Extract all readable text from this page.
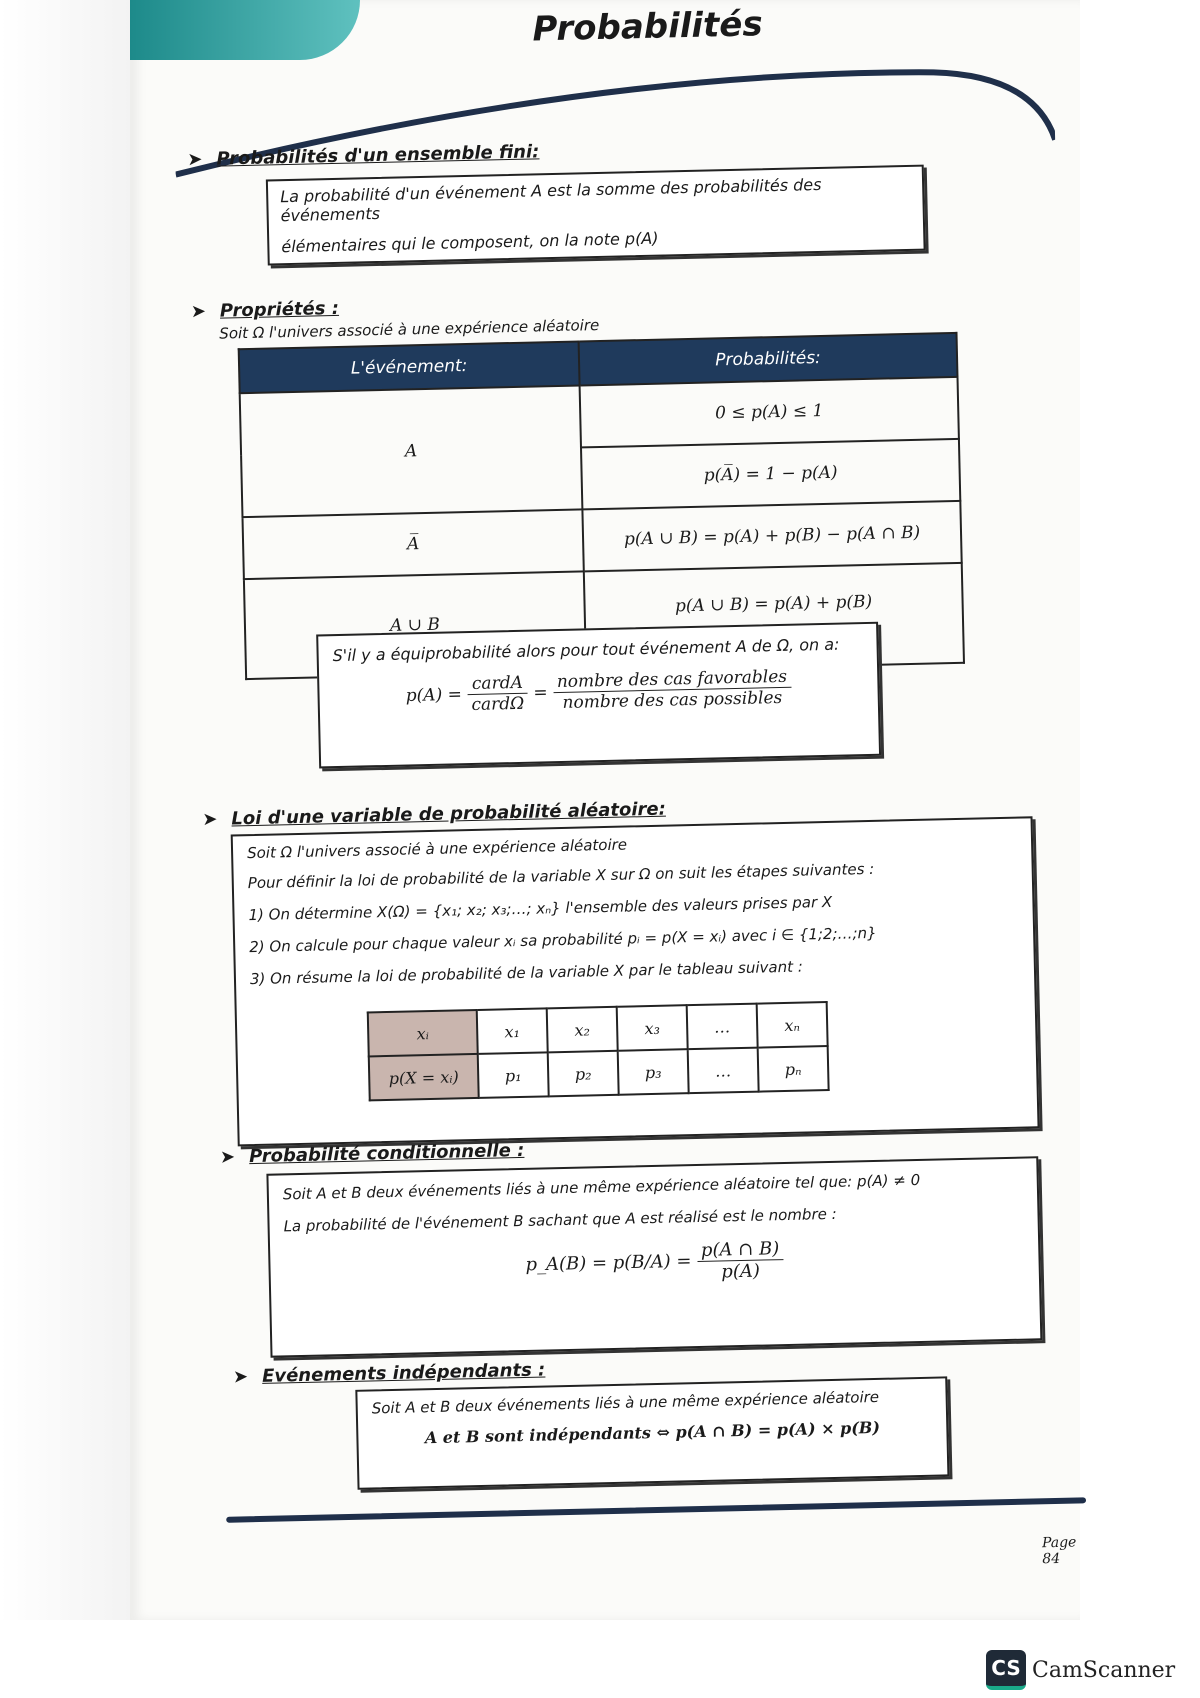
Probabilités
➤ Probabilités d'un ensemble fini:

La probabilité d'un événement A est la somme des probabilités des événements

élémentaires qui le composent, on la note p(A)

➤ Propriétés :
Soit Ω l'univers associé à une expérience aléatoire
L'événement:	Probabilités:
A	0 ≤ p(A) ≤ 1
	p(A̅) = 1 − p(A)
A̅	p(A ∪ B) = p(A) + p(B) − p(A ∩ B)
A ∪ B	p(A ∪ B) = p(A) + p(B)

S'il y a équiprobabilité alors pour tout événement A de Ω, on a:

$p(A) = \frac{\text{cardA}}{\text{cardΩ}} = \frac{\text{nombre des cas favorables}}{\text{nombre des cas possibles}}$
➤ Loi d'une variable de probabilité aléatoire:

Soit Ω l'univers associé à une expérience aléatoire

Pour définir la loi de probabilité de la variable X sur Ω on suit les étapes suivantes :

1) On détermine X(Ω) = {x₁; x₂; x₃;…; xₙ} l'ensemble des valeurs prises par X

2) On calcule pour chaque valeur xᵢ sa probabilité pᵢ = p(X = xᵢ) avec i ∈ {1;2;…;n}

3) On résume la loi de probabilité de la variable X par le tableau suivant :

xᵢ	x₁	x₂	x₃	…	xₙ
p(X = xᵢ)	p₁	p₂	p₃	…	pₙ
➤ Probabilité conditionnelle :

Soit A et B deux événements liés à une même expérience aléatoire tel que: p(A) ≠ 0

La probabilité de l'événement B sachant que A est réalisé est le nombre :

p_A(B) = $p(B/A) = \frac{p(A \cap B)}{p(A)}$
➤ Evénements indépendants :

Soit A et B deux événements liés à une même expérience aléatoire

A et B sont indépendants ⇔ p(A ∩ B) = p(A) × p(B)

Page 84
CS CamScanner
